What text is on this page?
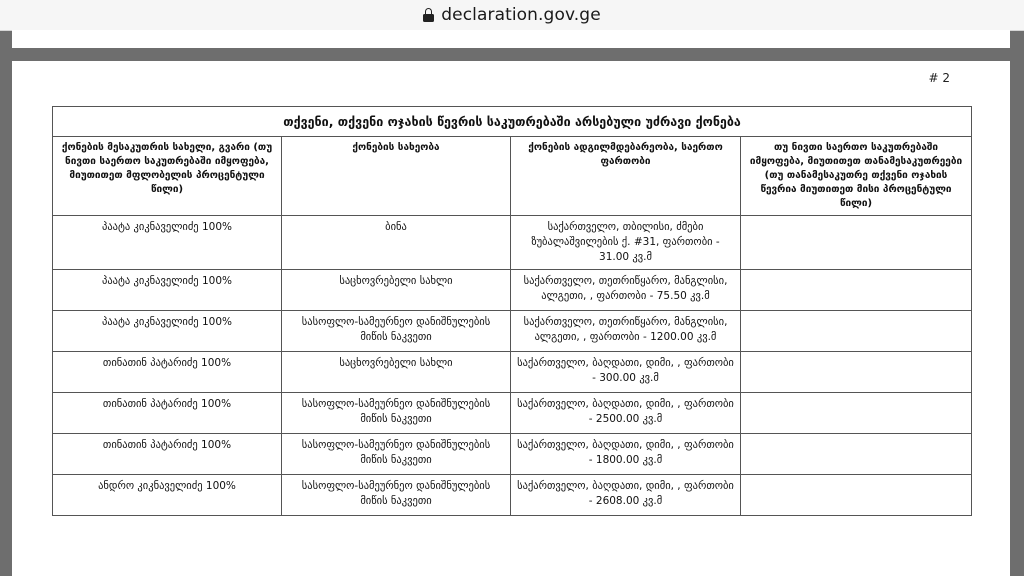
declaration.gov.ge
# 2
თქვენი, თქვენი ოჯახის წევრის საკუთრებაში არსებული უძრავი ქონება			
ქონების მესაკუთრის სახელი, გვარი (თუ ნივთი საერთო საკუთრებაში იმყოფება, მიუთითეთ მფლობელის პროცენტული წილი)	ქონების სახეობა	ქონების ადგილმდებარეობა, საერთო ფართობი	თუ ნივთი საერთო საკუთრებაში იმყოფება, მიუთითეთ თანამესაკუთრეები (თუ თანამესაკუთრე თქვენი ოჯახის წევრია მიუთითეთ მისი პროცენტული წილი)
პაატა კიკნაველიძე 100%	ბინა	საქართველო, თბილისი, ძმები ზუბალაშვილების ქ. #31, ფართობი - 31.00 კვ.მ	
პაატა კიკნაველიძე 100%	საცხოვრებელი სახლი	საქართველო, თეთრიწყარო, მანგლისი, ალგეთი, , ფართობი - 75.50 კვ.მ	
პაატა კიკნაველიძე 100%	სასოფლო-სამეურნეო დანიშნულების მიწის ნაკვეთი	საქართველო, თეთრიწყარო, მანგლისი, ალგეთი, , ფართობი - 1200.00 კვ.მ	
თინათინ პატარიძე 100%	საცხოვრებელი სახლი	საქართველო, ბაღდათი, დიმი, , ფართობი - 300.00 კვ.მ	
თინათინ პატარიძე 100%	სასოფლო-სამეურნეო დანიშნულების მიწის ნაკვეთი	საქართველო, ბაღდათი, დიმი, , ფართობი - 2500.00 კვ.მ	
თინათინ პატარიძე 100%	სასოფლო-სამეურნეო დანიშნულების მიწის ნაკვეთი	საქართველო, ბაღდათი, დიმი, , ფართობი - 1800.00 კვ.მ	
ანდრო კიკნაველიძე 100%	სასოფლო-სამეურნეო დანიშნულების მიწის ნაკვეთი	საქართველო, ბაღდათი, დიმი, , ფართობი - 2608.00 კვ.მ	
